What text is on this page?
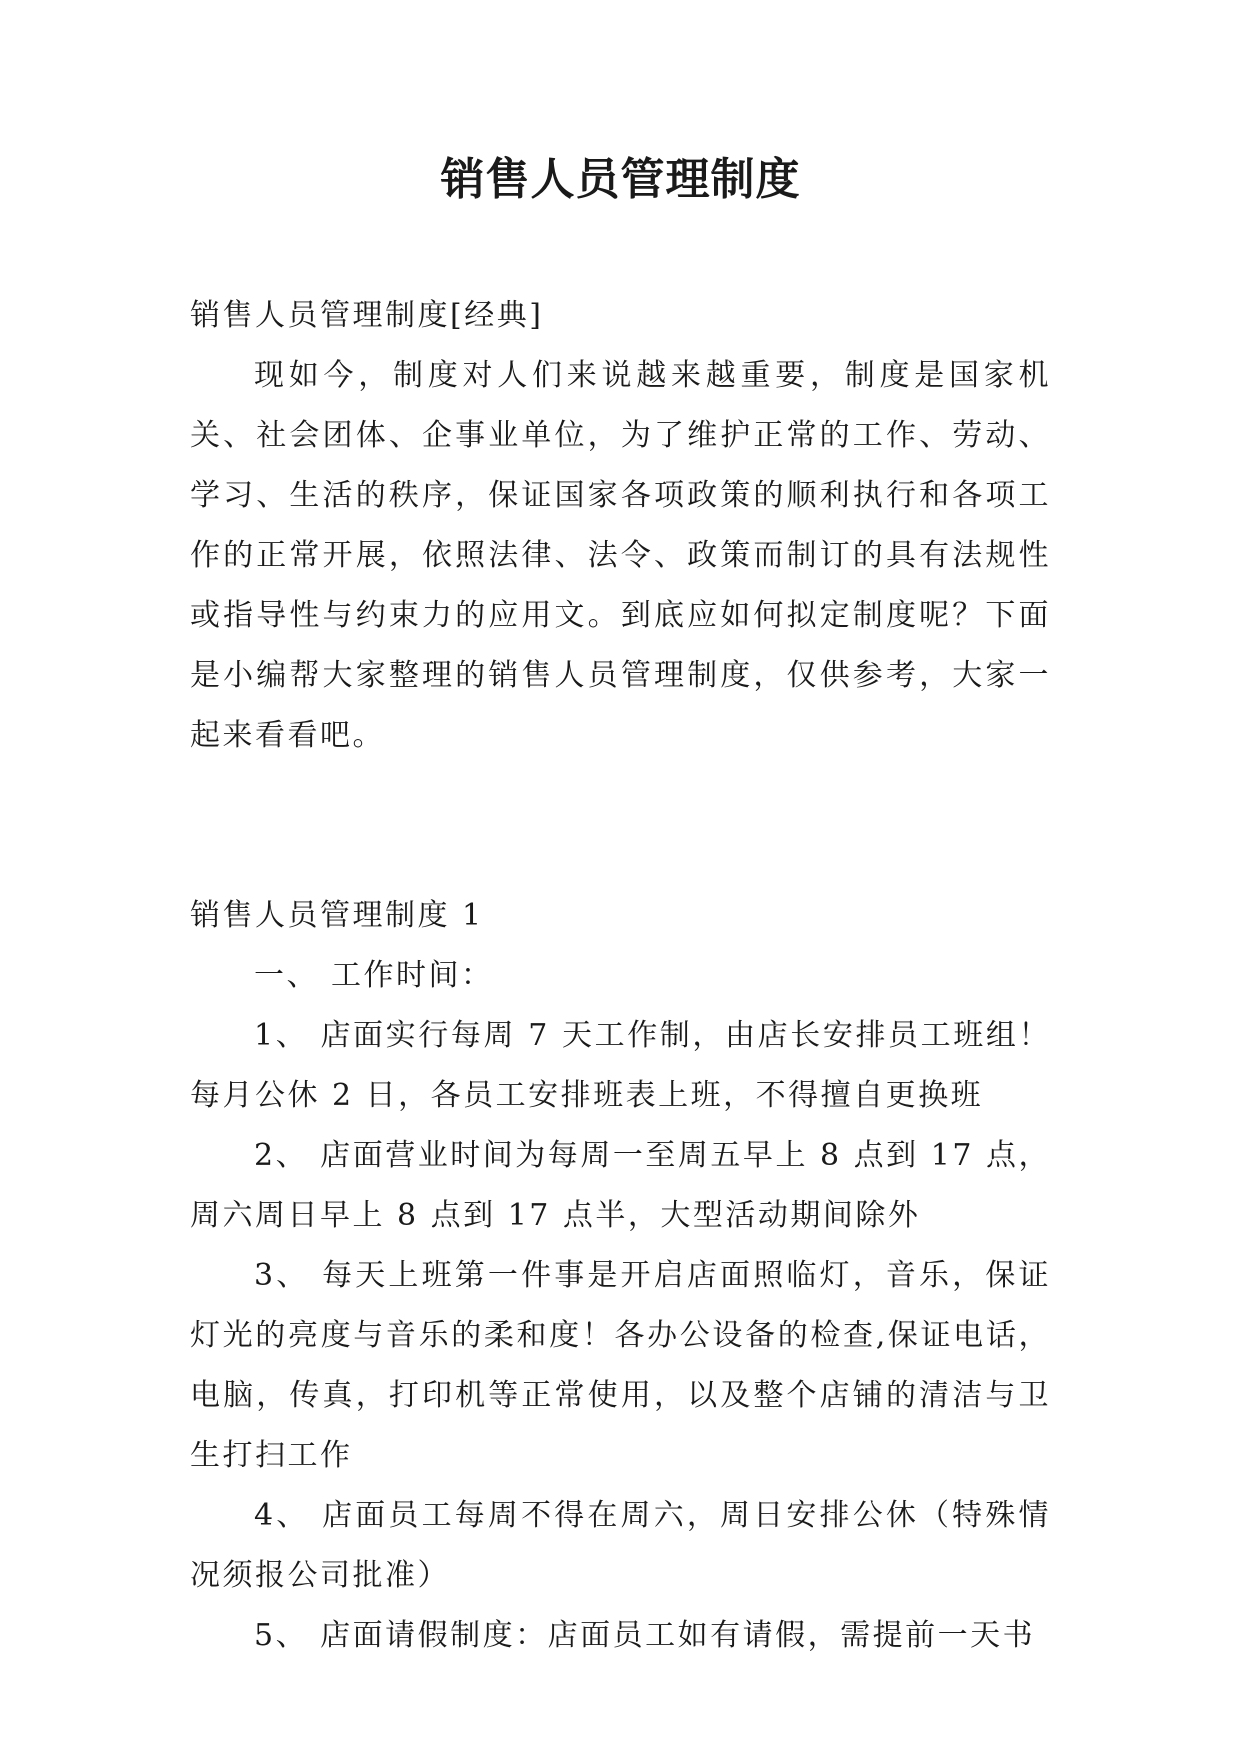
销售人员管理制度

销售人员管理制度[经典]

现如今，制度对人们来说越来越重要，制度是国家机关、社会团体、企事业单位，为了维护正常的工作、劳动、学习、生活的秩序，保证国家各项政策的顺利执行和各项工作的正常开展，依照法律、法令、政策而制订的具有法规性或指导性与约束力的应用文。到底应如何拟定制度呢？下面是小编帮大家整理的销售人员管理制度，仅供参考，大家一起来看看吧。

销售人员管理制度 1

一、 工作时间：

1、 店面实行每周 7 天工作制，由店长安排员工班组！每月公休 2 日，各员工安排班表上班，不得擅自更换班

2、 店面营业时间为每周一至周五早上 8 点到 17 点，周六周日早上 8 点到 17 点半，大型活动期间除外

3、 每天上班第一件事是开启店面照临灯，音乐，保证灯光的亮度与音乐的柔和度！各办公设备的检查,保证电话，电脑，传真，打印机等正常使用，以及整个店铺的清洁与卫生打扫工作

4、 店面员工每周不得在周六，周日安排公休（特殊情况须报公司批准）

5、 店面请假制度：店面员工如有请假，需提前一天书
